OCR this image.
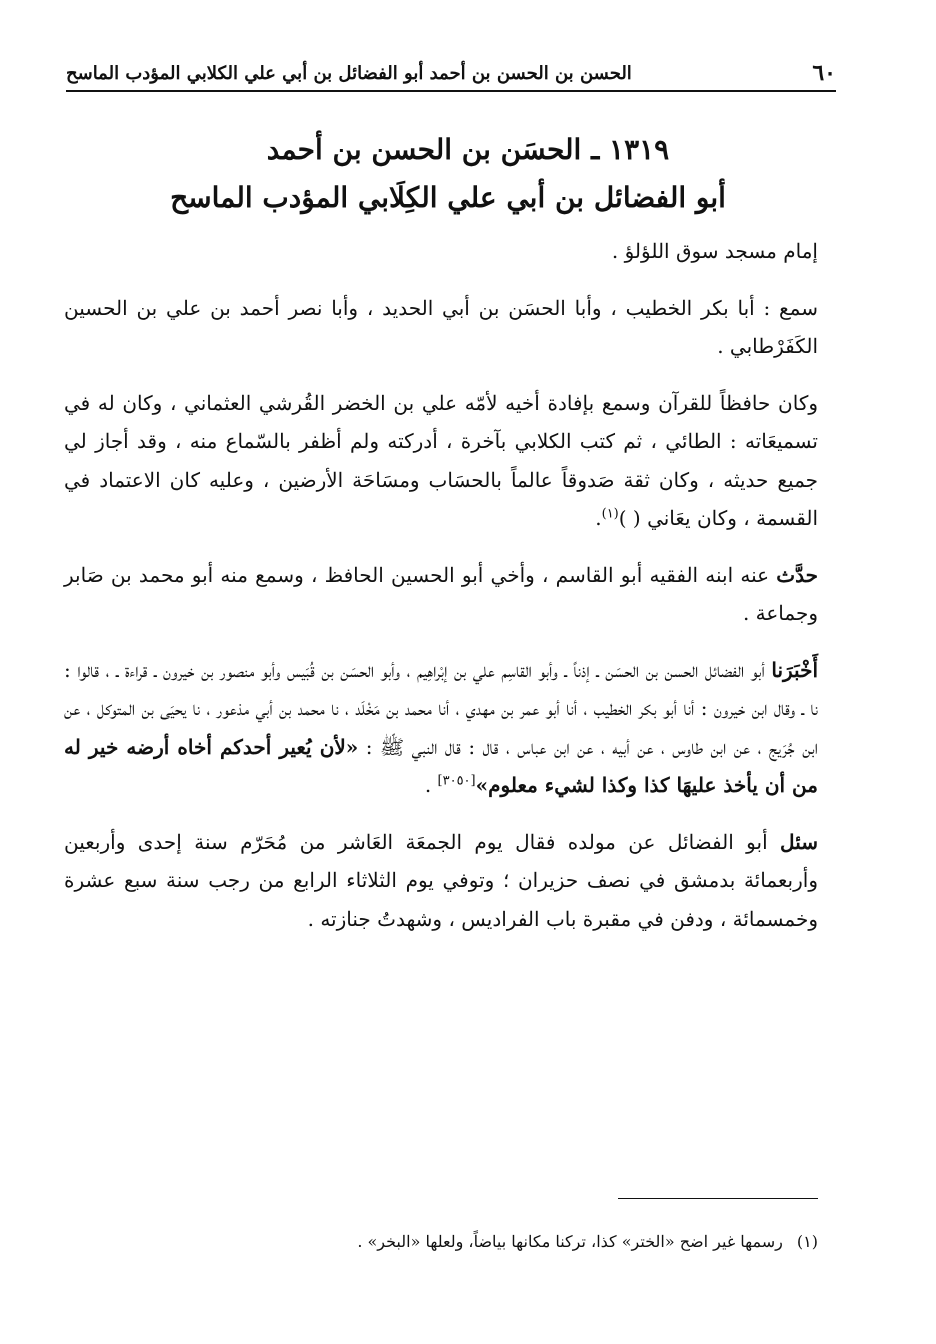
٦٠
الحسن بن الحسن بن أحمد أبو الفضائل بن أبي علي الكلابي المؤدب الماسح
١٣١٩ ـ الحسَن بن الحسن بن أحمد
أبو الفضائل بن أبي علي الكِلَابي المؤدب الماسح

إمام مسجد سوق اللؤلؤ .

سمع : أبا بكر الخطيب ، وأبا الحسَن بن أبي الحديد ، وأبا نصر أحمد بن علي بن الحسين الكَفَرْطابي .

وكان حافظاً للقرآن وسمع بإفادة أخيه لأمّه علي بن الخضر القُرشي العثماني ، وكان له في تسميعَاته : الطائي ، ثم كتب الكلابي بآخرة ، أدركته ولم أظفر بالسّماع منه ، وقد أجاز لي جميع حديثه ، وكان ثقة صَدوقاً عالماً بالحسَاب ومسَاحَة الأرضين ، وعليه كان الاعتماد في القسمة ، وكان يعَاني ( )$^{(١)}$.

حدَّث عنه ابنه الفقيه أبو القاسم ، وأخي أبو الحسين الحافظ ، وسمع منه أبو محمد بن صَابر وجماعة .

أَخْبَرَنا أبو الفضائل الحسن بن الحسَن ـ إذناً ـ وأبو القاسِم علي بن إبْراهِيم ، وأبو الحسَن بن قُبَيس وأبو منصور بن خيرون ـ قراءة ـ ، قالوا : نا ـ وقال ابن خيرون : أنا أبو بكر الخطيب ، أنا أبو عمر بن مهدي ، أنا محمد بن مَخْلَد ، نا محمد بن أبي مذعور ، نا يحيَى بن المتوكل ، عن ابن جُرَيج ، عن ابن طاوس ، عن أبيه ، عن ابن عباس ، قال : قال النبي ﷺ : «لأن يُعير أحدكم أخاه أرضه خير له من أن يأخذ عليهَا كذا وكذا لشيء معلوم»[٣٠٥٠] .

سئل أبو الفضائل عن مولده فقال يوم الجمعَة العَاشر من مُحَرّم سنة إحدى وأربعين وأربعمائة بدمشق في نصف حزيران ؛ وتوفي يوم الثلاثاء الرابع من رجب سنة سبع عشرة وخمسمائة ، ودفن في مقبرة باب الفراديس ، وشهدتُ جنازته .

(١)رسمها غير اضح «الختر» كذا، تركنا مكانها بياضاً، ولعلها «البخر» .
